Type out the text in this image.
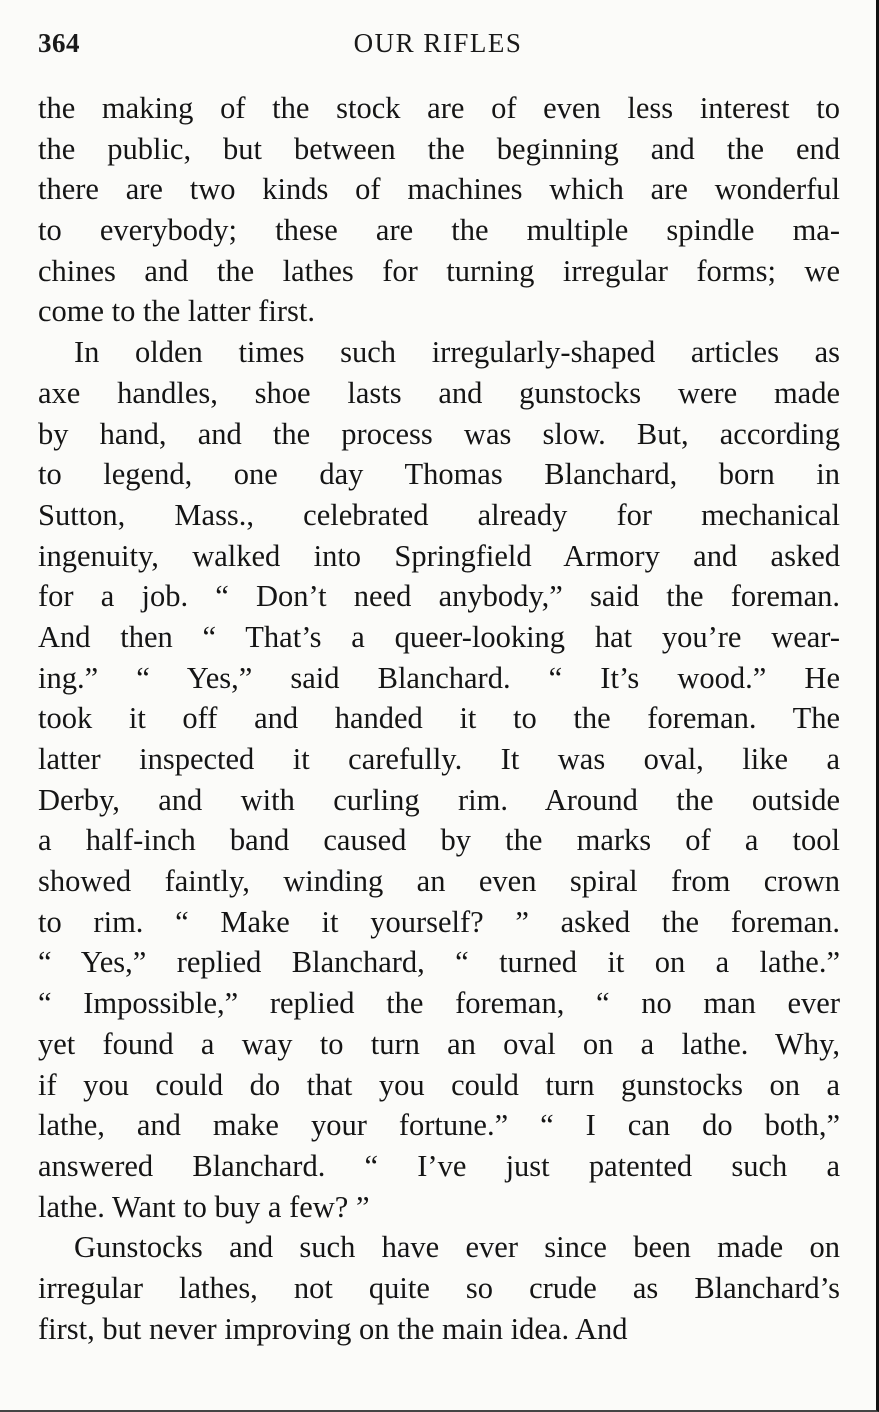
364	OUR RIFLES
the making of the stock are of even less interest to
the public, but between the beginning and the end
there are two kinds of machines which are wonderful
to everybody; these are the multiple spindle ma-
chines and the lathes for turning irregular forms; we
come to the latter first.
In olden times such irregularly-shaped articles as
axe handles, shoe lasts and gunstocks were made
by hand, and the process was slow. But, according
to legend, one day Thomas Blanchard, born in
Sutton, Mass., celebrated already for mechanical
ingenuity, walked into Springfield Armory and asked
for a job. “ Don’t need anybody,” said the foreman.
And then “ That’s a queer-looking hat you’re wear-
ing.” “ Yes,” said Blanchard. “ It’s wood.” He
took it off and handed it to the foreman. The
latter inspected it carefully. It was oval, like a
Derby, and with curling rim. Around the outside
a half-inch band caused by the marks of a tool
showed faintly, winding an even spiral from crown
to rim. “ Make it yourself? ” asked the foreman.
“ Yes,” replied Blanchard, “ turned it on a lathe.”
“ Impossible,” replied the foreman, “ no man ever
yet found a way to turn an oval on a lathe. Why,
if you could do that you could turn gunstocks on a
lathe, and make your fortune.” “ I can do both,”
answered Blanchard. “ I’ve just patented such a
lathe. Want to buy a few? ”
Gunstocks and such have ever since been made on
irregular lathes, not quite so crude as Blanchard’s
first, but never improving on the main idea. And
